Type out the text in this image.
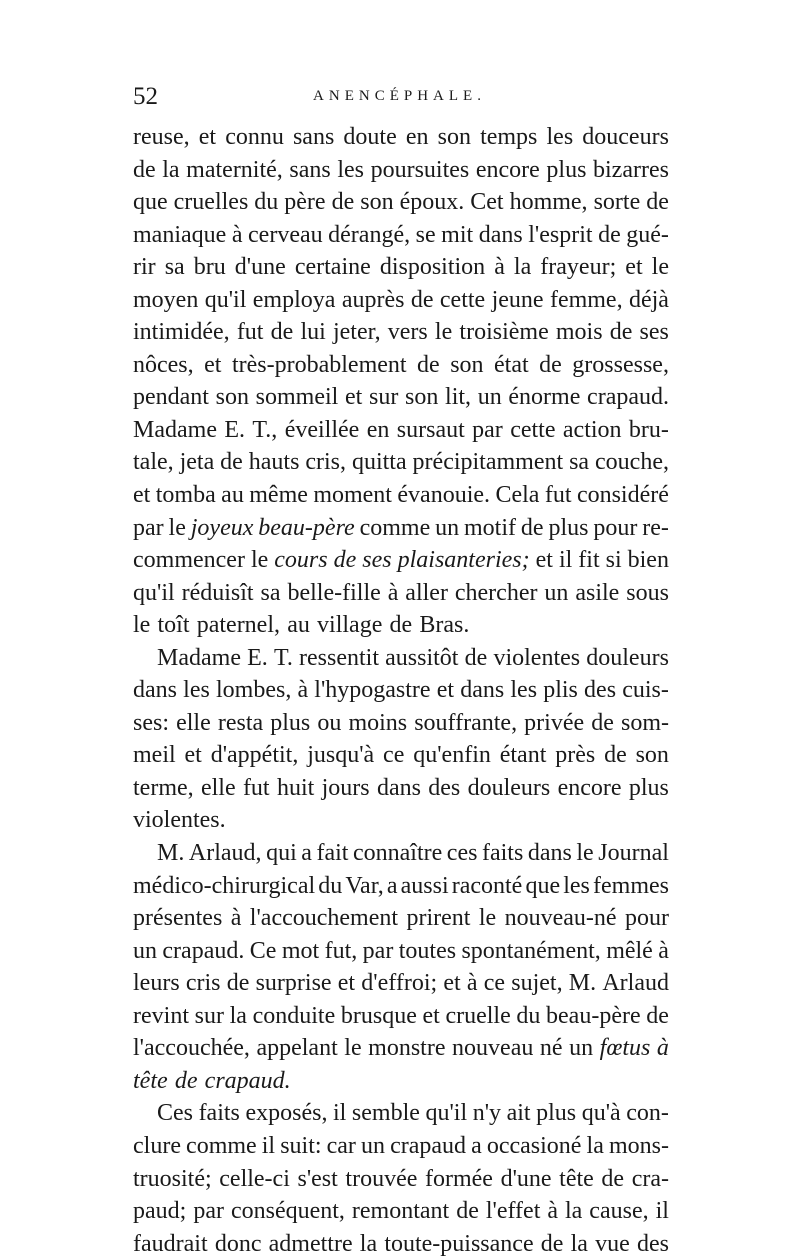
52	ANENCÉPHALE.
reuse, et connu sans doute en son temps les douceurs
de la maternité, sans les poursuites encore plus bizarres
que cruelles du père de son époux. Cet homme, sorte de
maniaque à cerveau dérangé, se mit dans l'esprit de gué-
rir sa bru d'une certaine disposition à la frayeur; et le
moyen qu'il employa auprès de cette jeune femme, déjà
intimidée, fut de lui jeter, vers le troisième mois de ses
nôces, et très-probablement de son état de grossesse,
pendant son sommeil et sur son lit, un énorme crapaud.
Madame E. T., éveillée en sursaut par cette action bru-
tale, jeta de hauts cris, quitta précipitamment sa couche,
et tomba au même moment évanouie. Cela fut considéré
par le joyeux beau-père comme un motif de plus pour re-
commencer le cours de ses plaisanteries; et il fit si bien
qu'il réduisît sa belle-fille à aller chercher un asile sous
le toît paternel, au village de Bras.
Madame E. T. ressentit aussitôt de violentes douleurs
dans les lombes, à l'hypogastre et dans les plis des cuis-
ses: elle resta plus ou moins souffrante, privée de som-
meil et d'appétit, jusqu'à ce qu'enfin étant près de son
terme, elle fut huit jours dans des douleurs encore plus
violentes.
M. Arlaud, qui a fait connaître ces faits dans le Journal
médico-chirurgical du Var, a aussi raconté que les femmes
présentes à l'accouchement prirent le nouveau-né pour
un crapaud. Ce mot fut, par toutes spontanément, mêlé à
leurs cris de surprise et d'effroi; et à ce sujet, M. Arlaud
revint sur la conduite brusque et cruelle du beau-père de
l'accouchée, appelant le monstre nouveau né un fœtus à
tête de crapaud.
Ces faits exposés, il semble qu'il n'y ait plus qu'à con-
clure comme il suit: car un crapaud a occasioné la mons-
truosité; celle-ci s'est trouvée formée d'une tête de cra-
paud; par conséquent, remontant de l'effet à la cause, il
faudrait donc admettre la toute-puissance de la vue des
